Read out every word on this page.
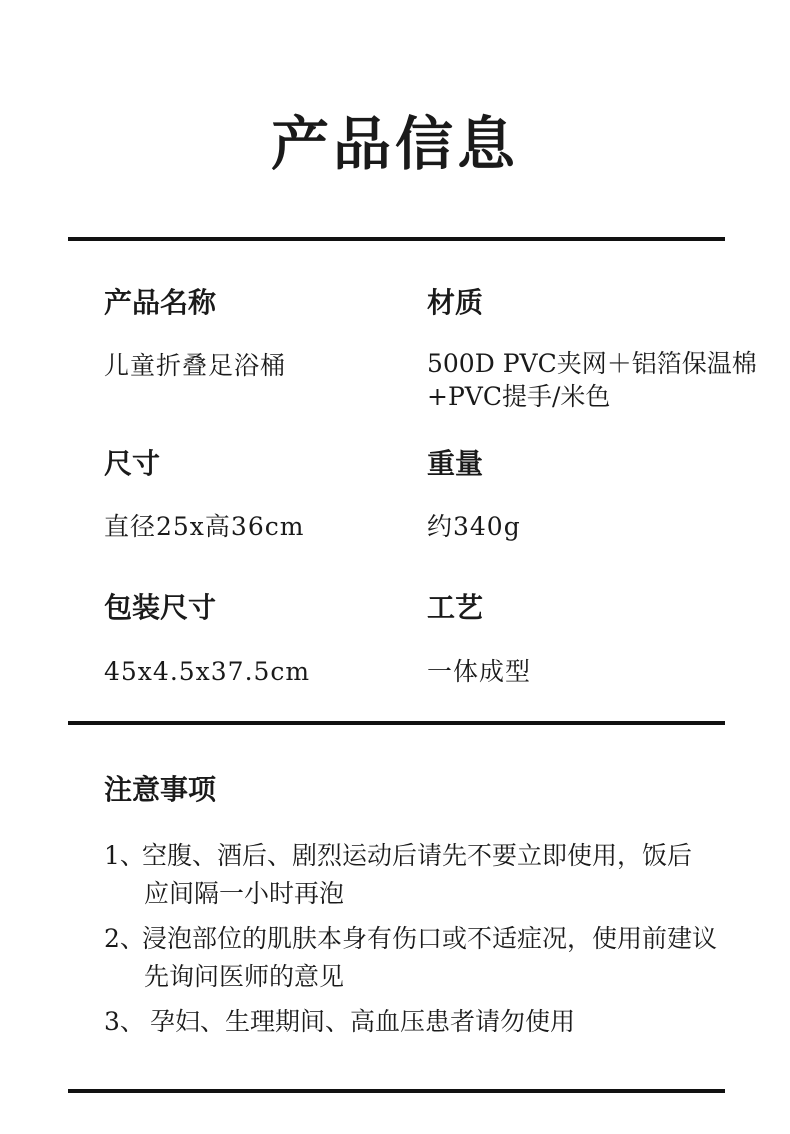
产品信息
产品名称
儿童折叠足浴桶
材质
500D PVC夹网＋铝箔保温棉
+PVC提手/米色
尺寸
直径25x高36cm
重量
约340g
包装尺寸
45x4.5x37.5cm
工艺
一体成型
注意事项
1、空腹、酒后、剧烈运动后请先不要立即使用，饭后
应间隔一小时再泡
2、浸泡部位的肌肤本身有伤口或不适症况，使用前建议
先询问医师的意见
3、 孕妇、生理期间、高血压患者请勿使用
